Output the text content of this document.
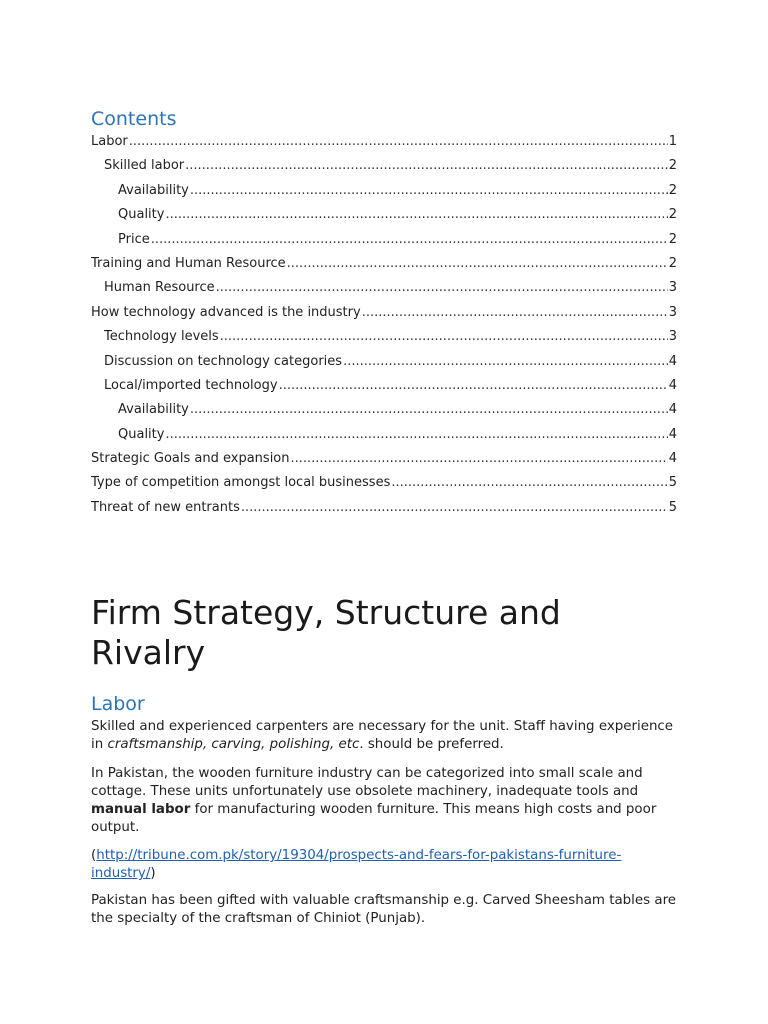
Contents
Labor .....	1
Skilled labor .....	2
Availability .....	2
Quality .....	2
Price .....	2
Training and Human Resource .....	2
Human Resource .....	3
How technology advanced is the industry .....	3
Technology levels .....	3
Discussion on technology categories .....	4
Local/imported technology .....	4
Availability .....	4
Quality .....	4
Strategic Goals and expansion .....	4
Type of competition amongst local businesses .....	5
Threat of new entrants .....	5
Firm Strategy, Structure and Rivalry
Labor

Skilled and experienced carpenters are necessary for the unit. Staff having experience in craftsmanship, carving, polishing, etc. should be preferred.

In Pakistan, the wooden furniture industry can be categorized into small scale and cottage. These units unfortunately use obsolete machinery, inadequate tools and manual labor for manufacturing wooden furniture. This means high costs and poor output.

(http://tribune.com.pk/story/19304/prospects-and-fears-for-pakistans-furniture-industry/)

Pakistan has been gifted with valuable craftsmanship e.g. Carved Sheesham tables are the specialty of the craftsman of Chiniot (Punjab).
